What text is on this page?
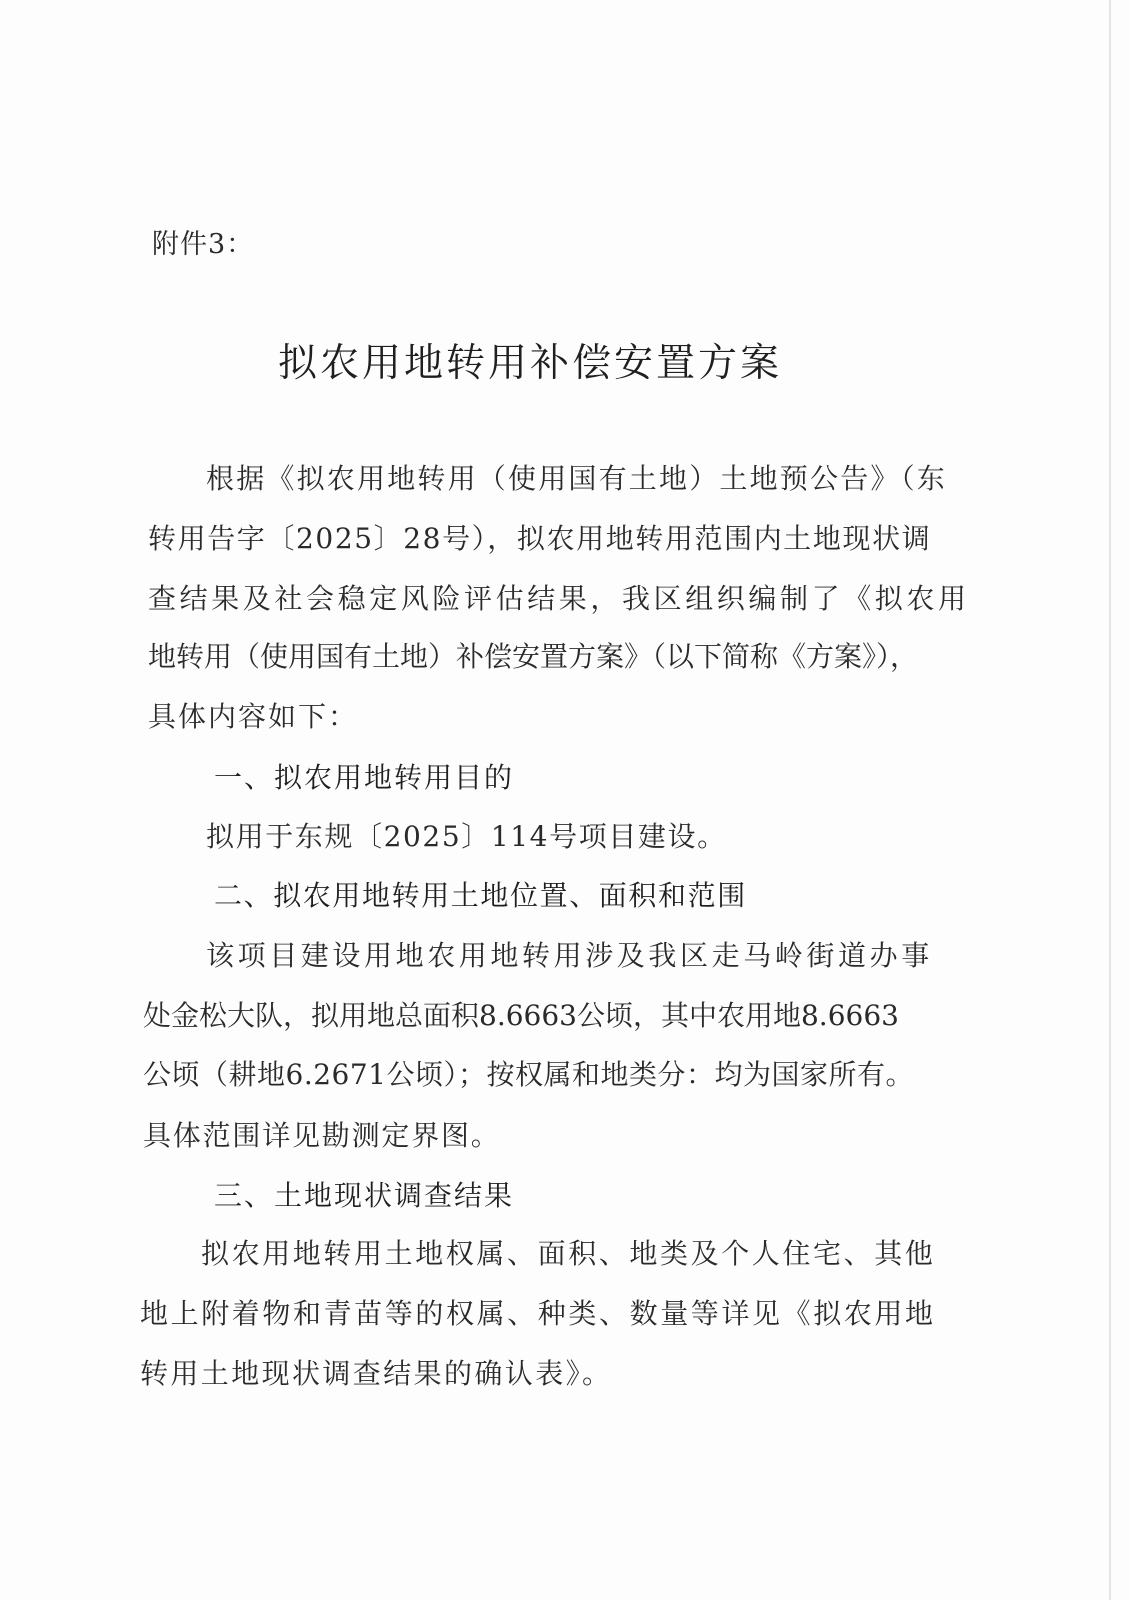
附件3：
拟农用地转用补偿安置方案
根据《拟农用地转用（使用国有土地）土地预公告》（东
转用告字〔2025〕28号），拟农用地转用范围内土地现状调
查结果及社会稳定风险评估结果，我区组织编制了《拟农用
地转用（使用国有土地）补偿安置方案》（以下简称《方案》），
具体内容如下：
一、拟农用地转用目的
拟用于东规〔2025〕114号项目建设。
二、拟农用地转用土地位置、面积和范围
该项目建设用地农用地转用涉及我区走马岭街道办事
处金松大队，拟用地总面积8.6663公顷，其中农用地8.6663
公顷（耕地6.2671公顷）；按权属和地类分：均为国家所有。
具体范围详见勘测定界图。
三、土地现状调查结果
拟农用地转用土地权属、面积、地类及个人住宅、其他
地上附着物和青苗等的权属、种类、数量等详见《拟农用地
转用土地现状调查结果的确认表》。
